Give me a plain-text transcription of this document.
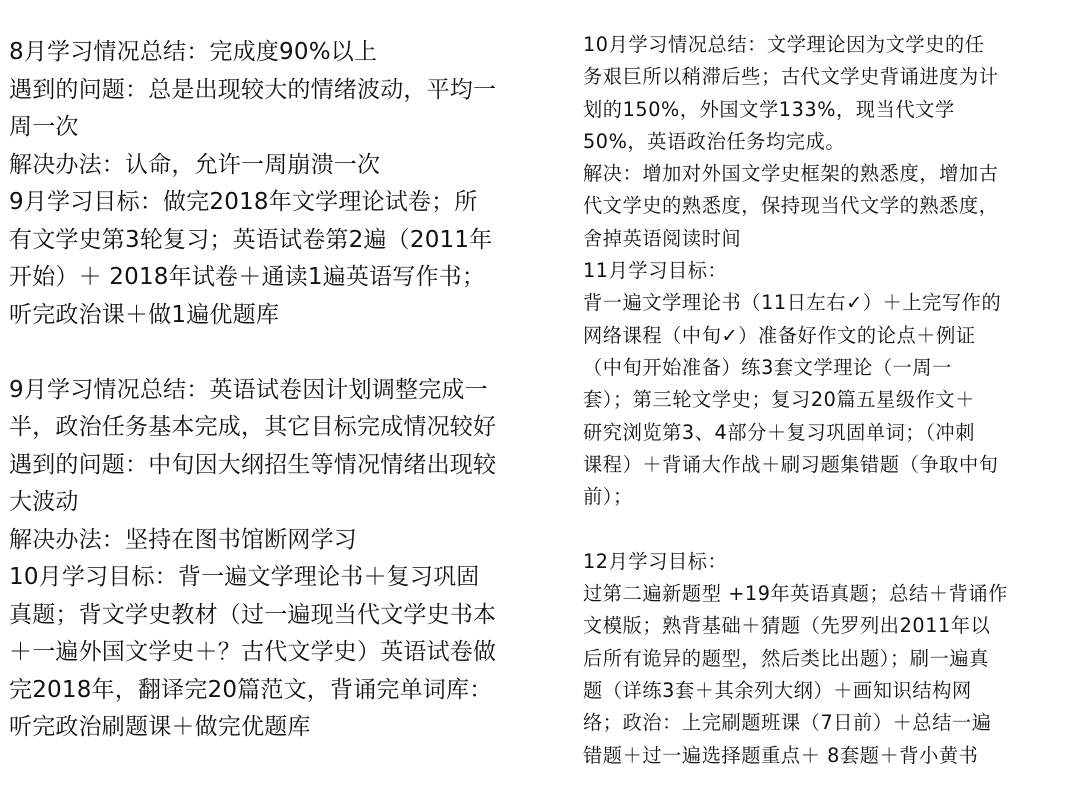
8月学习情况总结：完成度90%以上
遇到的问题：总是出现较大的情绪波动，平均一
周一次
解决办法：认命，允许一周崩溃一次
9月学习目标：做完2018年文学理论试卷；所
有文学史第3轮复习；英语试卷第2遍（2011年
开始）＋ 2018年试卷＋通读1遍英语写作书；
听完政治课＋做1遍优题库
9月学习情况总结：英语试卷因计划调整完成一
半，政治任务基本完成，其它目标完成情况较好
遇到的问题：中旬因大纲招生等情况情绪出现较
大波动
解决办法：坚持在图书馆断网学习
10月学习目标：背一遍文学理论书＋复习巩固
真题；背文学史教材（过一遍现当代文学史书本
＋一遍外国文学史＋？古代文学史）英语试卷做
完2018年，翻译完20篇范文，背诵完单词库：
听完政治刷题课＋做完优题库
10月学习情况总结：文学理论因为文学史的任
务艰巨所以稍滞后些；古代文学史背诵进度为计
划的150%，外国文学133%，现当代文学
50%，英语政治任务均完成。
解决：增加对外国文学史框架的熟悉度，增加古
代文学史的熟悉度，保持现当代文学的熟悉度，
舍掉英语阅读时间
11月学习目标：
背一遍文学理论书（11日左右✓）＋上完写作的
网络课程（中旬✓）准备好作文的论点＋例证
（中旬开始准备）练3套文学理论（一周一
套）；第三轮文学史；复习20篇五星级作文＋
研究浏览第3、4部分＋复习巩固单词；（冲刺
课程）＋背诵大作战＋刷习题集错题（争取中旬
前）；
12月学习目标：
过第二遍新题型 +19年英语真题；总结＋背诵作
文模版；熟背基础＋猜题（先罗列出2011年以
后所有诡异的题型，然后类比出题）；刷一遍真
题（详练3套＋其余列大纲）＋画知识结构网
络；政治：上完刷题班课（7日前）＋总结一遍
错题＋过一遍选择题重点＋ 8套题＋背小黄书
